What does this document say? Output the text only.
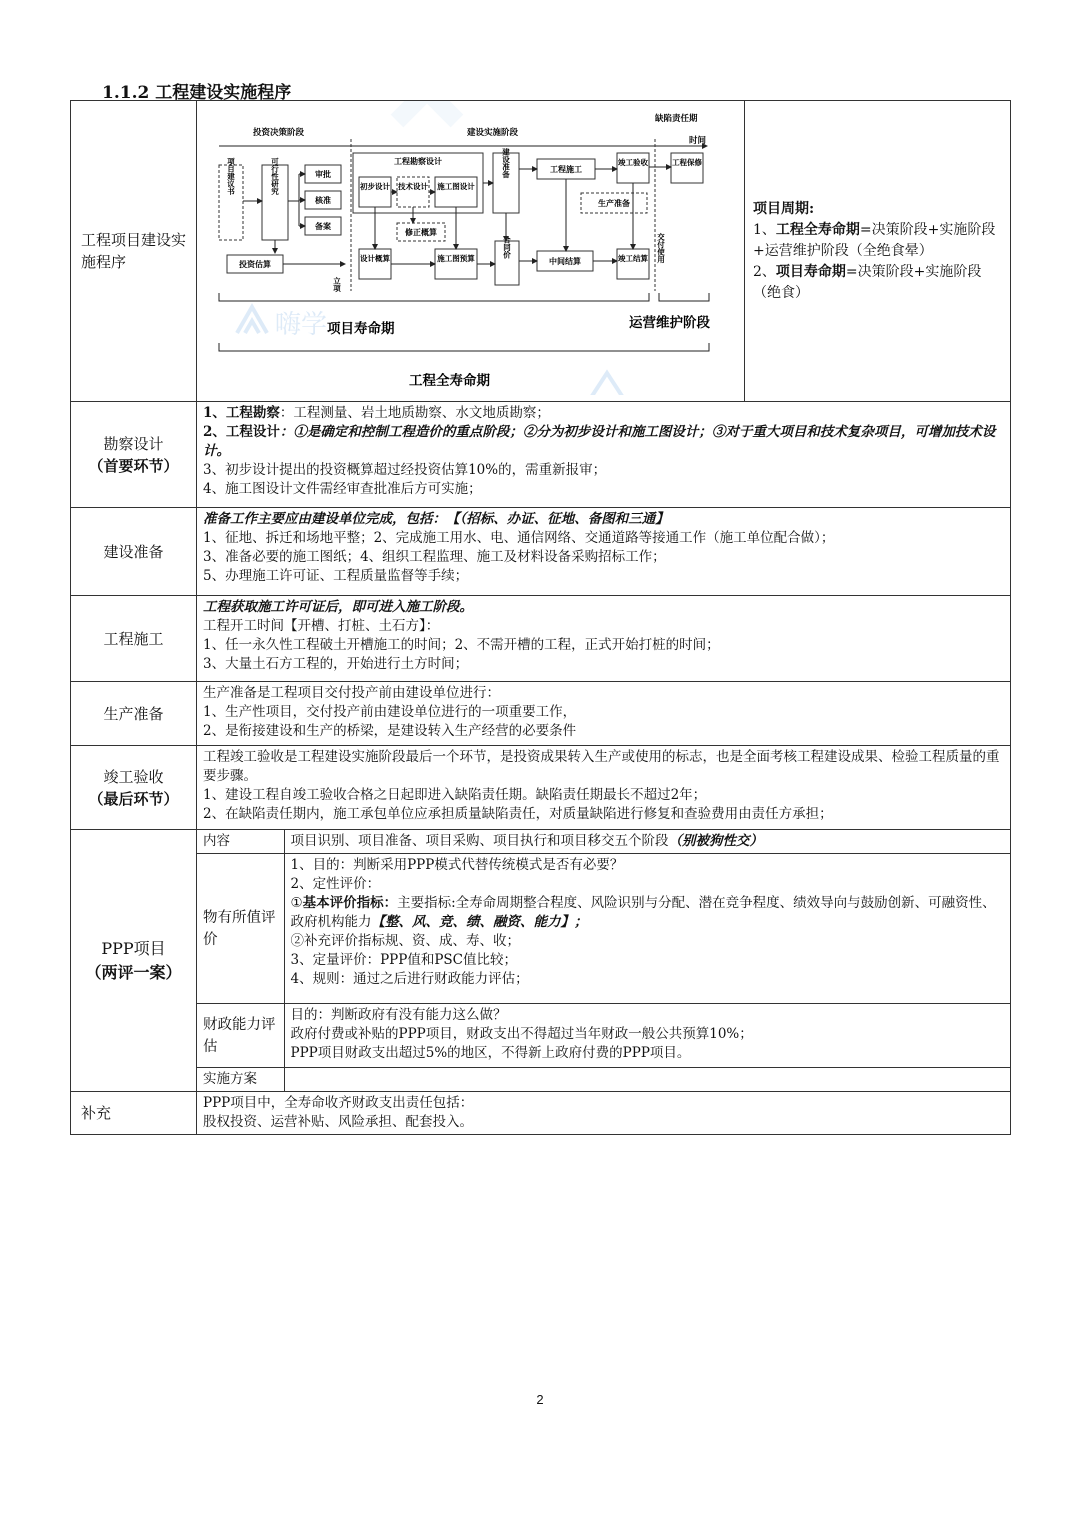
1.1.2 工程建设实施程序
工程项目建设实施程序	
嗨学
投资决策阶段	建设实施阶段
缺陷责任期
时间
项目建议书	可行性研究	审批
核准
备案
投资估算
立项
工程勘察设计
初步设计 技术设计 施工图设计
修正概算
设计概算	施工图预算
建设准备
合同价
工程施工
中间结算
生产准备
竣工验收
竣工结算
工程保修
交付使用
项目寿命期	运营维护阶段
工程全寿命期

项目周期:
1、工程全寿命期=决策阶段+实施阶段+运营维护阶段（全绝食晕）
2、项目寿命期=决策阶段+实施阶段（绝食）

勘察设计
（首要环节）

1、工程勘察：工程测量、岩土地质勘察、水文地质勘察；
2、工程设计：①是确定和控制工程造价的重点阶段；②分为初步设计和施工图设计；③对于重大项目和技术复杂项目，可增加技术设计。
3、初步设计提出的投资概算超过经投资估算10%的，需重新报审；
4、施工图设计文件需经审查批准后方可实施；

建设准备	
准备工作主要应由建设单位完成，包括：【（招标、办证、征地、备图和三通】
1、征地、拆迁和场地平整；2、完成施工用水、电、通信网络、交通道路等接通工作（施工单位配合做）；
3、准备必要的施工图纸；4、组织工程监理、施工及材料设备采购招标工作；
5、办理施工许可证、工程质量监督等手续；

工程施工	
工程获取施工许可证后，即可进入施工阶段。
工程开工时间【开槽、打桩、土石方】：
1、任一永久性工程破土开槽施工的时间；2、不需开槽的工程，正式开始打桩的时间；
3、大量土石方工程的，开始进行土方时间；

生产准备	
生产准备是工程项目交付投产前由建设单位进行：
1、生产性项目，交付投产前由建设单位进行的一项重要工作，
2、是衔接建设和生产的桥梁，是建设转入生产经营的必要条件

竣工验收
（最后环节）

工程竣工验收是工程建设实施阶段最后一个环节，是投资成果转入生产或使用的标志，也是全面考核工程建设成果、检验工程质量的重要步骤。
1、建设工程自竣工验收合格之日起即进入缺陷责任期。缺陷责任期最长不超过2年；
2、在缺陷责任期内，施工承包单位应承担质量缺陷责任，对质量缺陷进行修复和查验费用由责任方承担；

PPP项目
（两评一案）

内容	项目识别、项目准备、项目采购、项目执行和项目移交五个阶段（别被狗性交）
物有所值评价	
1、目的：判断采用PPP模式代替传统模式是否有必要？
2、定性评价：
①基本评价指标：主要指标:全寿命周期整合程度、风险识别与分配、潜在竞争程度、绩效导向与鼓励创新、可融资性、政府机构能力【整、风、竞、绩、融资、能力】；
②补充评价指标规、资、成、寿、收；
3、定量评价：PPP值和PSC值比较；
4、规则：通过之后进行财政能力评估；

财政能力评估	
目的：判断政府有没有能力这么做？
政府付费或补贴的PPP项目，财政支出不得超过当年财政一般公共预算10%；
PPP项目财政支出超过5%的地区，不得新上政府付费的PPP项目。

实施方案	

补充	
PPP项目中，全寿命收齐财政支出责任包括：
股权投资、运营补贴、风险承担、配套投入。
2
